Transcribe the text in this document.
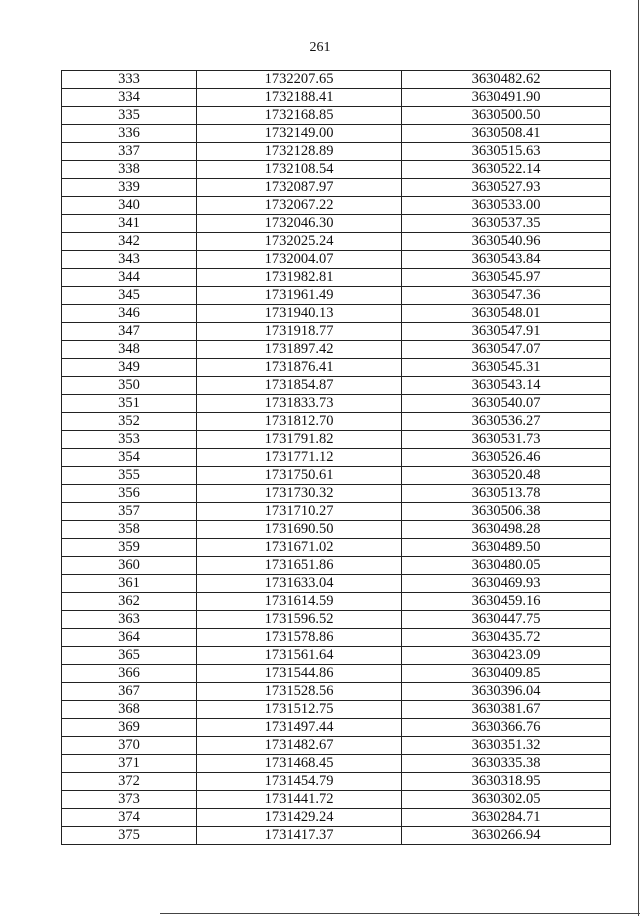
261
333	1732207.65	3630482.62
334	1732188.41	3630491.90
335	1732168.85	3630500.50
336	1732149.00	3630508.41
337	1732128.89	3630515.63
338	1732108.54	3630522.14
339	1732087.97	3630527.93
340	1732067.22	3630533.00
341	1732046.30	3630537.35
342	1732025.24	3630540.96
343	1732004.07	3630543.84
344	1731982.81	3630545.97
345	1731961.49	3630547.36
346	1731940.13	3630548.01
347	1731918.77	3630547.91
348	1731897.42	3630547.07
349	1731876.41	3630545.31
350	1731854.87	3630543.14
351	1731833.73	3630540.07
352	1731812.70	3630536.27
353	1731791.82	3630531.73
354	1731771.12	3630526.46
355	1731750.61	3630520.48
356	1731730.32	3630513.78
357	1731710.27	3630506.38
358	1731690.50	3630498.28
359	1731671.02	3630489.50
360	1731651.86	3630480.05
361	1731633.04	3630469.93
362	1731614.59	3630459.16
363	1731596.52	3630447.75
364	1731578.86	3630435.72
365	1731561.64	3630423.09
366	1731544.86	3630409.85
367	1731528.56	3630396.04
368	1731512.75	3630381.67
369	1731497.44	3630366.76
370	1731482.67	3630351.32
371	1731468.45	3630335.38
372	1731454.79	3630318.95
373	1731441.72	3630302.05
374	1731429.24	3630284.71
375	1731417.37	3630266.94
